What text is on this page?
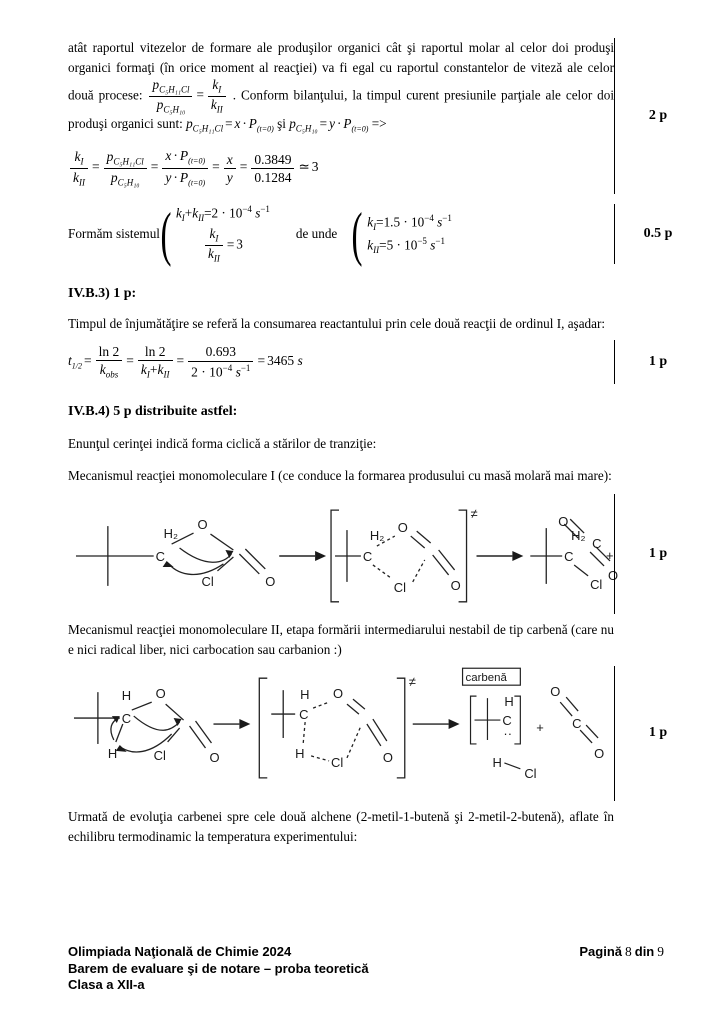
atât raportul vitezelor de formare ale produşilor organici cât şi raportul molar al celor doi produşi organici formaţi (în orice moment al reacţiei) va fi egal cu raportul constantelor de viteză ale celor două procese: $\frac{p_{C_5H_{11}Cl}}{p_{C_5H_{10}}} = \frac{k_I}{k_{II}}$ . Conform bilanţului, la timpul curent presiunile parţiale ale celor doi produşi organici sunt: $p_{C_5H_{11}Cl} = x \cdot P_{(t=0)}$ şi $p_{C_5H_{10}} = y \cdot P_{(t=0)}$ =>

$\frac{k_I}{k_{II}} = \frac{p_{C_5H_{11}Cl}}{p_{C_5H_{10}}} = \frac{x \cdot P_{(t=0)}}{y \cdot P_{(t=0)}} = \frac{x}{y} = \frac{0.3849}{0.1284}$ ≃ 3
2 p
Formăm sistemul ( $k_I+k_{II}=2 \cdot 10^{-4}$ $s^{-1}$
$\frac{k_I}{k_{II}} = 3$
de unde ( $k_I=1.5 \cdot 10^{-4}$ $s^{-1}$
$k_{II}=5 \cdot 10^{-5}$ $s^{-1}$	0.5 p

IV.B.3) 1 p:

Timpul de înjumătăţire se referă la consumarea reactantului prin cele două reacţii de ordinul I, aşadar:

$t_{1/2} = \frac{\ln 2}{k_{obs}} = \frac{\ln 2}{k_I+k_{II}} = \frac{0.693}{2 \cdot 10^{-4} s^{-1}} = 3465$ s	1 p

IV.B.4) 5 p distribuite astfel:

Enunţul cerinţei indică forma ciclică a stărilor de tranziţie:

Mecanismul reacţiei monomoleculare I (ce conduce la formarea produsului cu masă molară mai mare):

C
H₂
O
O
Cl
C
H₂
O
O
Cl
≠
C
H₂
Cl
+
O
C
O
1 p

Mecanismul reacţiei monomoleculare II, etapa formării intermediarului nestabil de tip carbenă (care nu e nici radical liber, nici carbocation sau carbanion :)

C
H O
O
Cl
H
C
H O
O
Cl
H
≠	carbenă
C
H
··
H
Cl
+
O
C
O
1 p

Urmată de evoluţia carbenei spre cele două alchene (2-metil-1-butenă şi 2-metil-2-butenă), aflate în echilibru termodinamic la temperatura experimentului:

Olimpiada Naţională de Chimie 2024
Barem de evaluare şi de notare – proba teoretică
Clasa a XII-a
Pagină 8 din 9
